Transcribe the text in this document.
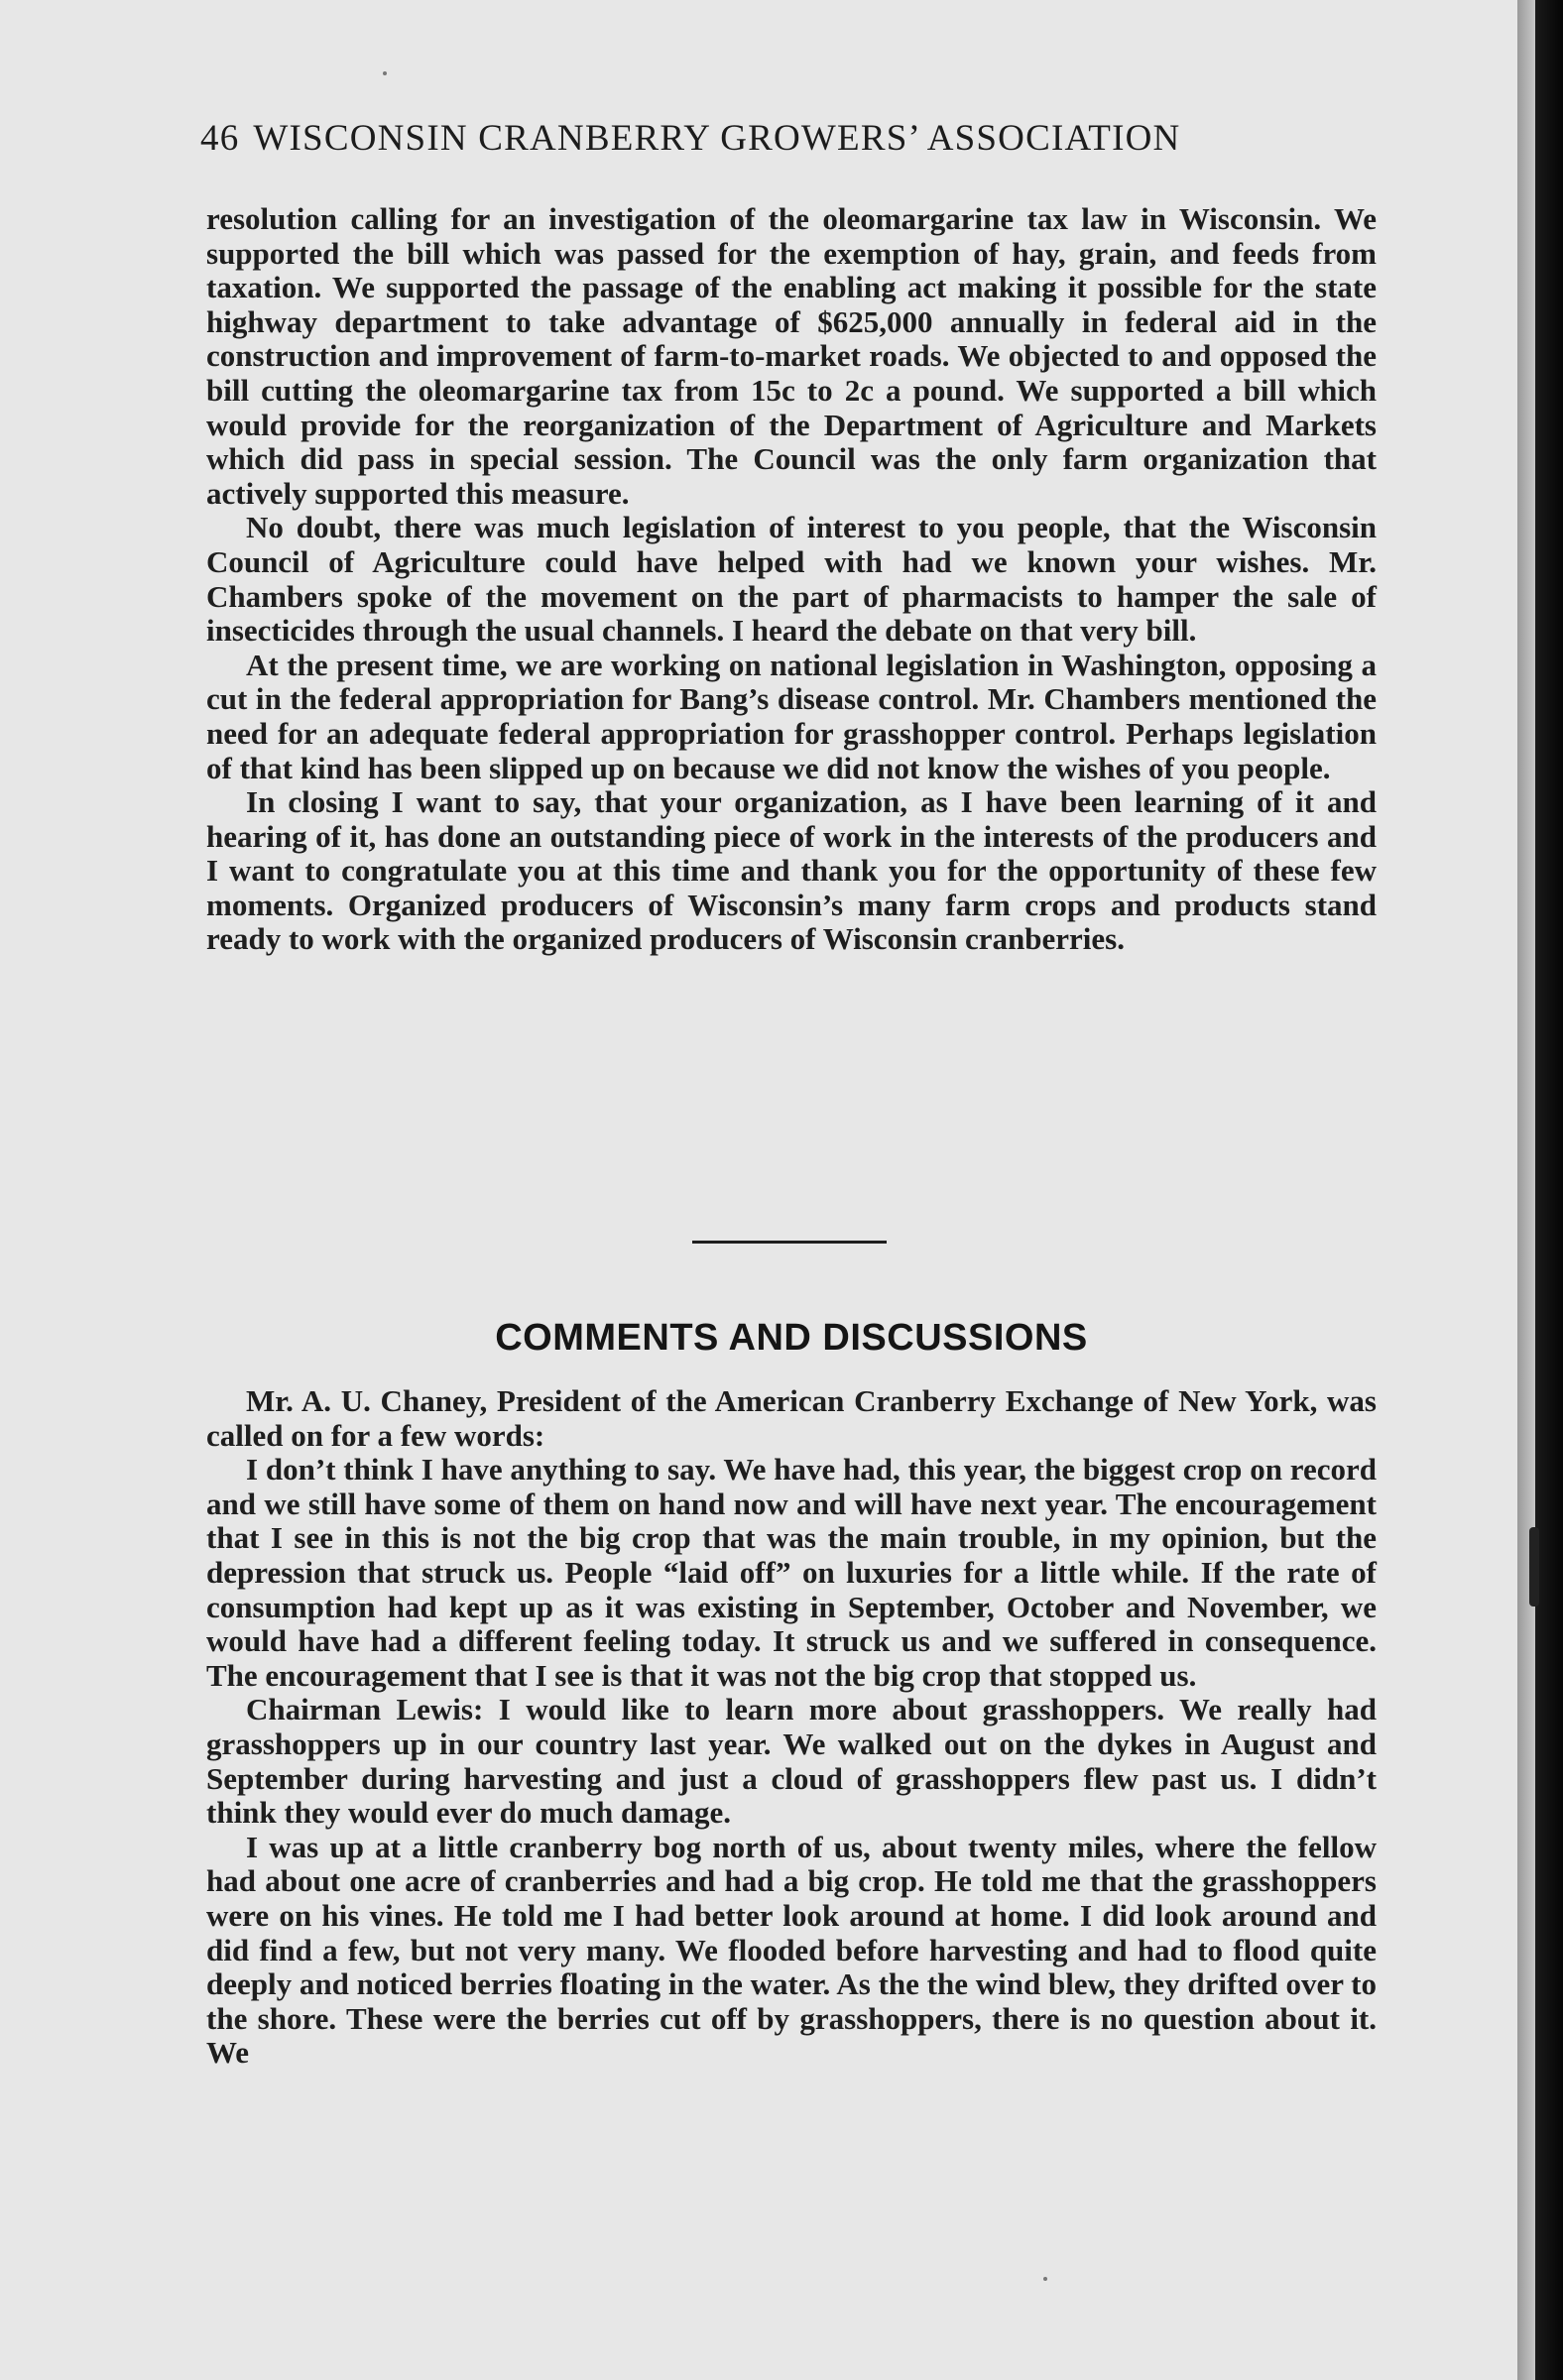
46 WISCONSIN CRANBERRY GROWERS’ ASSOCIATION

resolution calling for an investigation of the oleomargarine tax law in Wisconsin. We supported the bill which was passed for the exemption of hay, grain, and feeds from taxation. We supported the passage of the enabling act making it possible for the state highway department to take advantage of $625,000 annually in federal aid in the construction and improvement of farm-to-market roads. We objected to and opposed the bill cutting the oleomargarine tax from 15c to 2c a pound. We supported a bill which would provide for the reorganization of the Department of Agriculture and Markets which did pass in special session. The Council was the only farm organization that actively supported this measure.

No doubt, there was much legislation of interest to you people, that the Wisconsin Council of Agriculture could have helped with had we known your wishes. Mr. Chambers spoke of the movement on the part of pharmacists to hamper the sale of insecticides through the usual channels. I heard the debate on that very bill.

At the present time, we are working on national legislation in Washington, opposing a cut in the federal appropriation for Bang’s disease control. Mr. Chambers mentioned the need for an adequate federal appropriation for grasshopper control. Perhaps legislation of that kind has been slipped up on because we did not know the wishes of you people.

In closing I want to say, that your organization, as I have been learning of it and hearing of it, has done an outstanding piece of work in the interests of the producers and I want to congratulate you at this time and thank you for the opportunity of these few moments. Organized producers of Wisconsin’s many farm crops and products stand ready to work with the organized producers of Wisconsin cranberries.

COMMENTS AND DISCUSSIONS

Mr. A. U. Chaney, President of the American Cranberry Exchange of New York, was called on for a few words:

I don’t think I have anything to say. We have had, this year, the biggest crop on record and we still have some of them on hand now and will have next year. The encouragement that I see in this is not the big crop that was the main trouble, in my opinion, but the depression that struck us. People “laid off” on luxuries for a little while. If the rate of consumption had kept up as it was existing in September, October and November, we would have had a different feeling today. It struck us and we suffered in consequence. The encouragement that I see is that it was not the big crop that stopped us.

Chairman Lewis: I would like to learn more about grasshoppers. We really had grasshoppers up in our country last year. We walked out on the dykes in August and September during harvesting and just a cloud of grasshoppers flew past us. I didn’t think they would ever do much damage.

I was up at a little cranberry bog north of us, about twenty miles, where the fellow had about one acre of cranberries and had a big crop. He told me that the grasshoppers were on his vines. He told me I had better look around at home. I did look around and did find a few, but not very many. We flooded before harvesting and had to flood quite deeply and noticed berries floating in the water. As the the wind blew, they drifted over to the shore. These were the berries cut off by grasshoppers, there is no question about it. We
